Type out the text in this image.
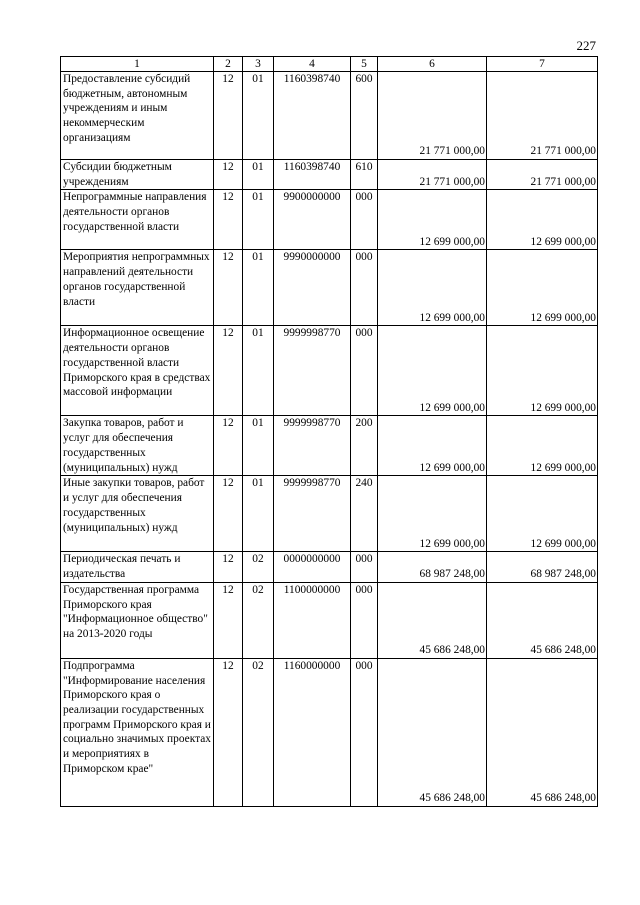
227
1	2	3	4	5	6	7
Предоставление субсидий бюджетным, автономным учреждениям и иным некоммерческим организациям	12	01	1160398740	600	21 771 000,00	21 771 000,00
Субсидии бюджетным учреждениям	12	01	1160398740	610	21 771 000,00	21 771 000,00
Непрограммные направления деятельности органов государственной власти	12	01	9900000000	000	12 699 000,00	12 699 000,00
Мероприятия непрограммных направлений деятельности органов государственной власти	12	01	9990000000	000	12 699 000,00	12 699 000,00
Информационное освещение деятельности органов государственной власти Приморского края в средствах массовой информации	12	01	9999998770	000	12 699 000,00	12 699 000,00
Закупка товаров, работ и услуг для обеспечения государственных (муниципальных) нужд	12	01	9999998770	200	12 699 000,00	12 699 000,00
Иные закупки товаров, работ и услуг для обеспечения государственных (муниципальных) нужд	12	01	9999998770	240	12 699 000,00	12 699 000,00
Периодическая печать и издательства	12	02	0000000000	000	68 987 248,00	68 987 248,00
Государственная программа Приморского края "Информационное общество" на 2013-2020 годы	12	02	1100000000	000	45 686 248,00	45 686 248,00
Подпрограмма "Информирование населения Приморского края о реализации государственных программ Приморского края и социально значимых проектах и мероприятиях в Приморском крае"	12	02	1160000000	000	45 686 248,00	45 686 248,00
